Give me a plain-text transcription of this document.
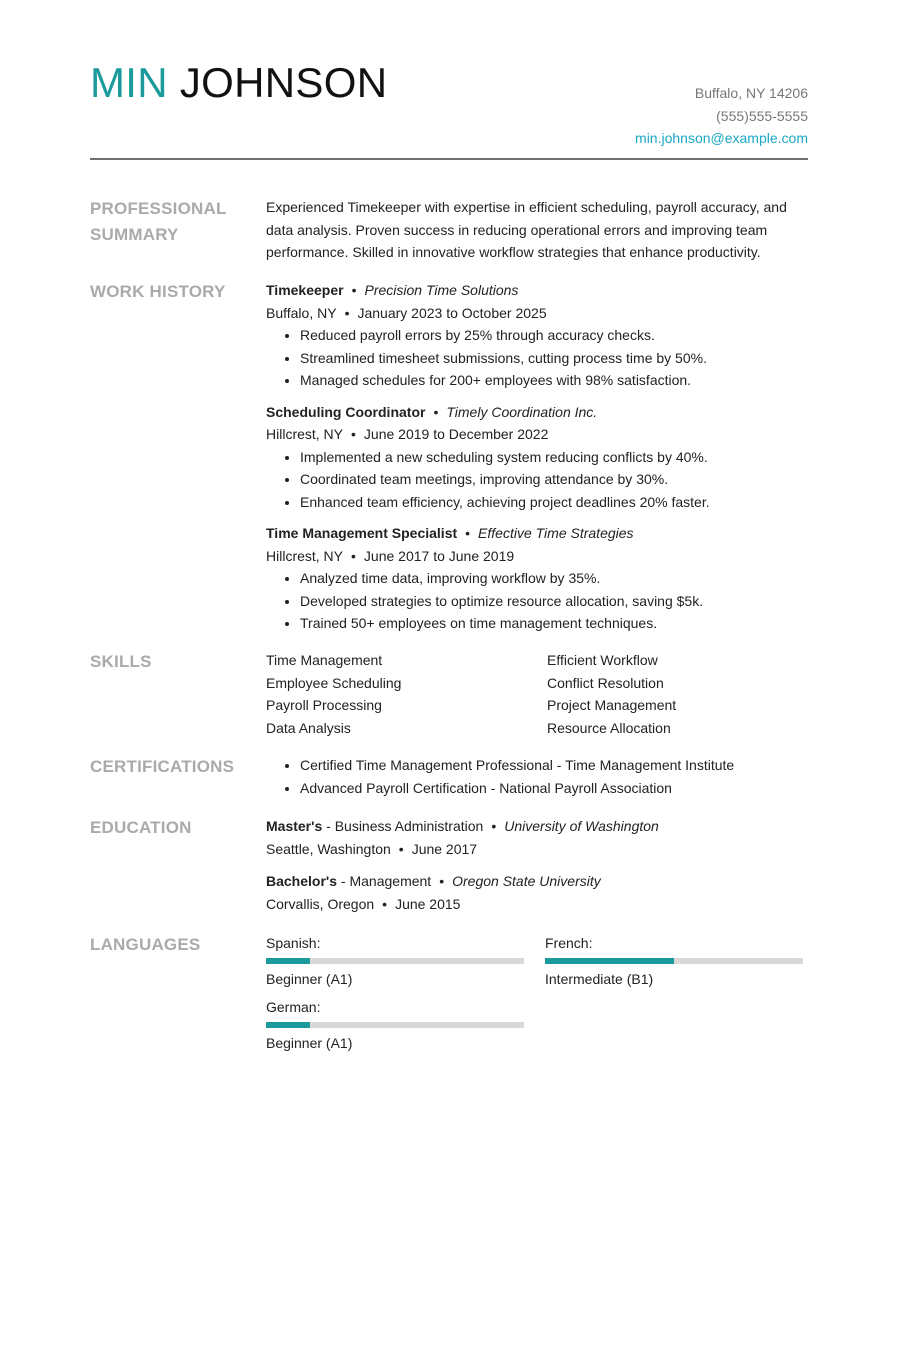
MIN JOHNSON	Buffalo, NY 14206
(555)555-5555
min.johnson@example.com
PROFESSIONAL
SUMMARY

Experienced Timekeeper with expertise in efficient scheduling, payroll accuracy, and data analysis. Proven success in reducing operational errors and improving team performance. Skilled in innovative workflow strategies that enhance productivity.

WORK HISTORY	Timekeeper • Precision Time Solutions
Buffalo, NY • January 2023 to October 2025
• Reduced payroll errors by 25% through accuracy checks.
• Streamlined timesheet submissions, cutting process time by 50%.
• Managed schedules for 200+ employees with 98% satisfaction.
Scheduling Coordinator • Timely Coordination Inc.
Hillcrest, NY • June 2019 to December 2022
• Implemented a new scheduling system reducing conflicts by 40%.
• Coordinated team meetings, improving attendance by 30%.
• Enhanced team efficiency, achieving project deadlines 20% faster.
Time Management Specialist • Effective Time Strategies
Hillcrest, NY • June 2017 to June 2019
• Analyzed time data, improving workflow by 35%.
• Developed strategies to optimize resource allocation, saving $5k.
• Trained 50+ employees on time management techniques.
SKILLS	Time Management	Efficient Workflow
Employee Scheduling	Conflict Resolution
Payroll Processing	Project Management
Data Analysis	Resource Allocation
CERTIFICATIONS
•	Certified Time Management Professional - Time Management Institute
• Advanced Payroll Certification - National Payroll Association
EDUCATION	Master's - Business Administration • University of Washington
Seattle, Washington • June 2017
Bachelor's - Management • Oregon State University
Corvallis, Oregon • June 2015
LANGUAGES	Spanish:
Beginner (A1)
French:
Intermediate (B1)
German:
Beginner (A1)
